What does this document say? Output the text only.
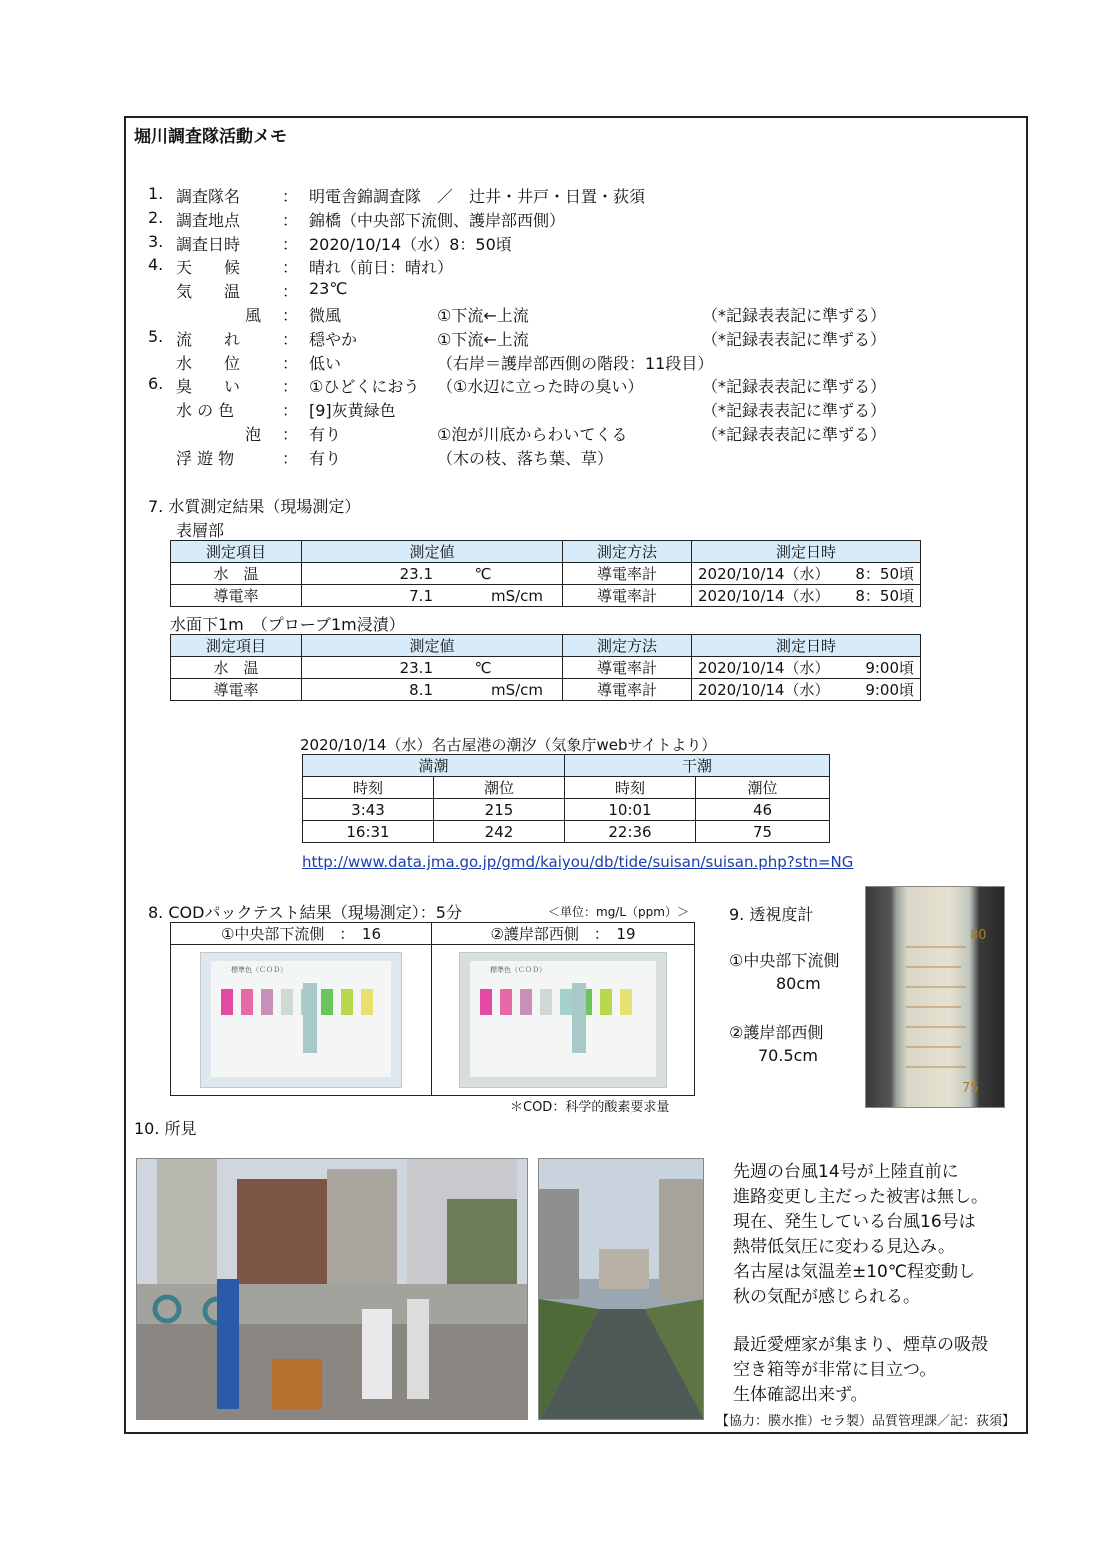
堀川調査隊活動メモ
1. 調査隊名	： 明電舎錦調査隊　／　辻井・井戸・日置・荻須
2. 調査地点	： 錦橋（中央部下流側、護岸部西側）
3. 調査日時	： 2020/10/14（水）8：50頃
4. 天　　候	： 晴れ（前日：晴れ）
気　　温	： 23℃
風 ： 微風	①下流←上流	（*記録表表記に準ずる）
5. 流　　れ	： 穏やか	①下流←上流	（*記録表表記に準ずる）
水　　位	： 低い	（右岸＝護岸部西側の階段：11段目）
6. 臭　　い	： ①ひどくにおう （①水辺に立った時の臭い）	（*記録表表記に準ずる）
水 の 色	： [9]灰黄緑色	（*記録表表記に準ずる）
泡 ： 有り	①泡が川底からわいてくる	（*記録表表記に準ずる）
浮 遊 物	： 有り	（木の枝、落ち葉、草）
7. 水質測定結果（現場測定）
表層部
測定項目	測定値	測定方法	測定日時
水　温	23.1 ℃	導電率計	2020/10/14（水） 8：50頃

導電率	7.1 mS/cm	導電率計	2020/10/14（水） 8：50頃
水面下1m　（プローブ1m浸漬）
測定項目	測定値	測定方法	測定日時
水　温	23.1 ℃	導電率計	2020/10/14（水） 9:00頃

導電率	8.1 mS/cm	導電率計	2020/10/14（水） 9:00頃
2020/10/14（水）名古屋港の潮汐（気象庁webサイトより）
満潮		干潮	
時刻	潮位	時刻	潮位
3:43	215	10:01	46
16:31	242	22:36	75
http://www.data.jma.go.jp/gmd/kaiyou/db/tide/suisan/suisan.php?stn=NG
8. CODパックテスト結果（現場測定）：5分	＜単位：mg/L（ppm）＞
①中央部下流側　：　16	②護岸部西側　：　19

標準色（ＣＯＤ）	標準色（ＣＯＤ）
＊COD：科学的酸素要求量
9. 透視度計
①中央部下流側
80cm
②護岸部西側
70.5cm
80
75
10. 所見
先週の台風14号が上陸直前に
進路変更し主だった被害は無し。
現在、発生している台風16号は
熱帯低気圧に変わる見込み。
名古屋は気温差±10℃程変動し
秋の気配が感じられる。
最近愛煙家が集まり、煙草の吸殻
空き箱等が非常に目立つ。
生体確認出来ず。
【協力：膜水推）セラ製）品質管理課／記：荻須】
